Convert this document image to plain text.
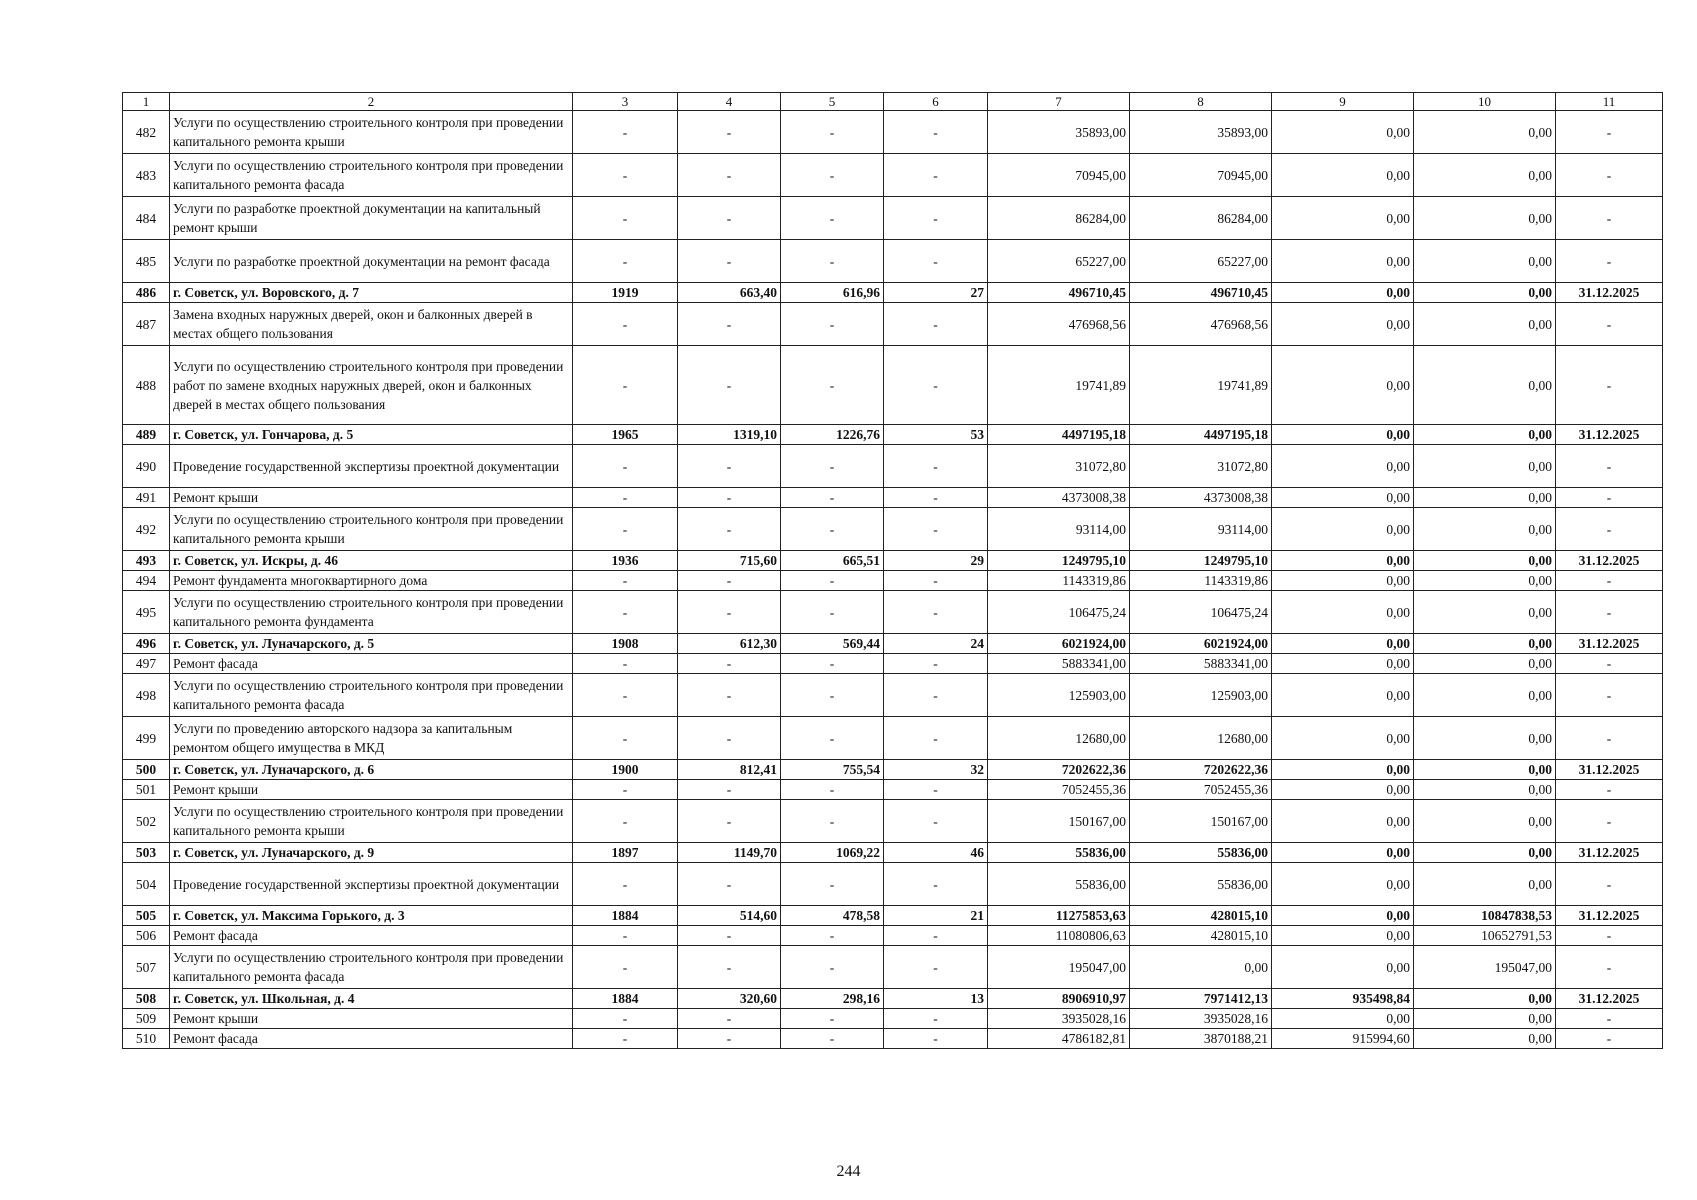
1	2	3	4	5	6	7	8	9	10	11
482	Услуги по осуществлению строительного контроля при проведении капитального ремонта крыши	-	-	-	-	35893,00	35893,00	0,00	0,00	-
483	Услуги по осуществлению строительного контроля при проведении капитального ремонта фасада	-	-	-	-	70945,00	70945,00	0,00	0,00	-
484	Услуги по разработке проектной документации на капитальный ремонт крыши	-	-	-	-	86284,00	86284,00	0,00	0,00	-
485	Услуги по разработке проектной документации на ремонт фасада	-	-	-	-	65227,00	65227,00	0,00	0,00	-
486	г. Советск, ул. Воровского, д. 7	1919	663,40	616,96	27	496710,45	496710,45	0,00	0,00	31.12.2025
487	Замена входных наружных дверей, окон и балконных дверей в местах общего пользования	-	-	-	-	476968,56	476968,56	0,00	0,00	-
488	Услуги по осуществлению строительного контроля при проведении работ по замене входных наружных дверей, окон и балконных дверей в местах общего пользования	-	-	-	-	19741,89	19741,89	0,00	0,00	-
489	г. Советск, ул. Гончарова, д. 5	1965	1319,10	1226,76	53	4497195,18	4497195,18	0,00	0,00	31.12.2025
490	Проведение государственной экспертизы проектной документации	-	-	-	-	31072,80	31072,80	0,00	0,00	-
491	Ремонт крыши	-	-	-	-	4373008,38	4373008,38	0,00	0,00	-
492	Услуги по осуществлению строительного контроля при проведении капитального ремонта крыши	-	-	-	-	93114,00	93114,00	0,00	0,00	-
493	г. Советск, ул. Искры, д. 46	1936	715,60	665,51	29	1249795,10	1249795,10	0,00	0,00	31.12.2025
494	Ремонт фундамента многоквартирного дома	-	-	-	-	1143319,86	1143319,86	0,00	0,00	-
495	Услуги по осуществлению строительного контроля при проведении капитального ремонта фундамента	-	-	-	-	106475,24	106475,24	0,00	0,00	-
496	г. Советск, ул. Луначарского, д. 5	1908	612,30	569,44	24	6021924,00	6021924,00	0,00	0,00	31.12.2025
497	Ремонт фасада	-	-	-	-	5883341,00	5883341,00	0,00	0,00	-
498	Услуги по осуществлению строительного контроля при проведении капитального ремонта фасада	-	-	-	-	125903,00	125903,00	0,00	0,00	-
499	Услуги по проведению авторского надзора за капитальным ремонтом общего имущества в МКД	-	-	-	-	12680,00	12680,00	0,00	0,00	-
500	г. Советск, ул. Луначарского, д. 6	1900	812,41	755,54	32	7202622,36	7202622,36	0,00	0,00	31.12.2025
501	Ремонт крыши	-	-	-	-	7052455,36	7052455,36	0,00	0,00	-
502	Услуги по осуществлению строительного контроля при проведении капитального ремонта крыши	-	-	-	-	150167,00	150167,00	0,00	0,00	-
503	г. Советск, ул. Луначарского, д. 9	1897	1149,70	1069,22	46	55836,00	55836,00	0,00	0,00	31.12.2025
504	Проведение государственной экспертизы проектной документации	-	-	-	-	55836,00	55836,00	0,00	0,00	-
505	г. Советск, ул. Максима Горького, д. 3	1884	514,60	478,58	21	11275853,63	428015,10	0,00	10847838,53	31.12.2025
506	Ремонт фасада	-	-	-	-	11080806,63	428015,10	0,00	10652791,53	-
507	Услуги по осуществлению строительного контроля при проведении капитального ремонта фасада	-	-	-	-	195047,00	0,00	0,00	195047,00	-
508	г. Советск, ул. Школьная, д. 4	1884	320,60	298,16	13	8906910,97	7971412,13	935498,84	0,00	31.12.2025
509	Ремонт крыши	-	-	-	-	3935028,16	3935028,16	0,00	0,00	-
510	Ремонт фасада	-	-	-	-	4786182,81	3870188,21	915994,60	0,00	-
244
